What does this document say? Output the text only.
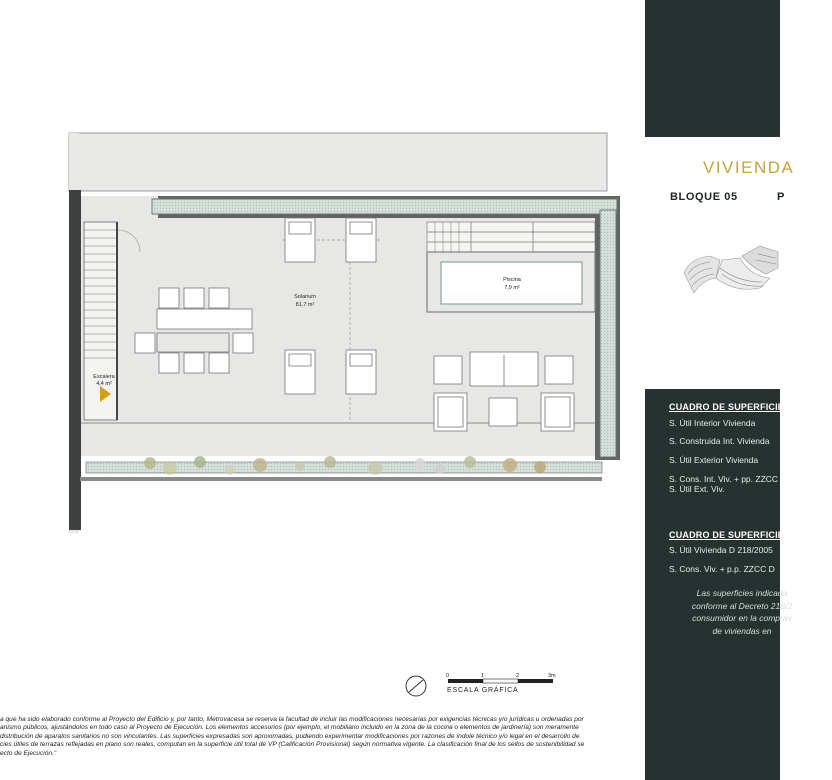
Escalera
4,4 m²
Solarium
81,7 m²
Piscina
7,9 m²
0	1	2	3m
ESCALA GRÁFICA
a que ha sido elaborado conforme al Proyecto del Edificio y, por tanto, Metrovacesa se reserva la facultad de incluir las modificaciones necesarias por exigencias técnicas y/o jurídicas u ordenadas por
anismo públicos, ajustándolos en todo caso al Proyecto de Ejecución. Los elementos accesorios (por ejemplo, el mobiliario incluido en la zona de la cocina o elementos de jardinería) son meramente
distribución de aparatos sanitarios no son vinculantes. Las superficies expresadas son aproximadas, pudiendo experimentar modificaciones por razones de índole técnico y/o legal en el desarrollo de
cies útiles de terrazas reflejadas en plano son reales, computan en la superficie útil total de VP (Calificación Provisional) según normativa vigente. La clasificación final de los sellos de sostenibilidad se
ecto de Ejecución."
VIVIENDA
BLOQUE 05	P
CUADRO DE SUPERFICIES
S. Útil Interior Vivienda
S. Construida Int. Vivienda
S. Útil Exterior Vivienda
S. Cons. Int. Viv. + pp. ZZCC
S. Útil Ext. Viv.
CUADRO DE SUPERFICIES
S. Útil Vivienda D 218/2005
S. Cons. Viv. + p.p. ZZCC D
Las superficies indicada
conforme al Decreto 218/2
consumidor en la comprav
de viviendas en
